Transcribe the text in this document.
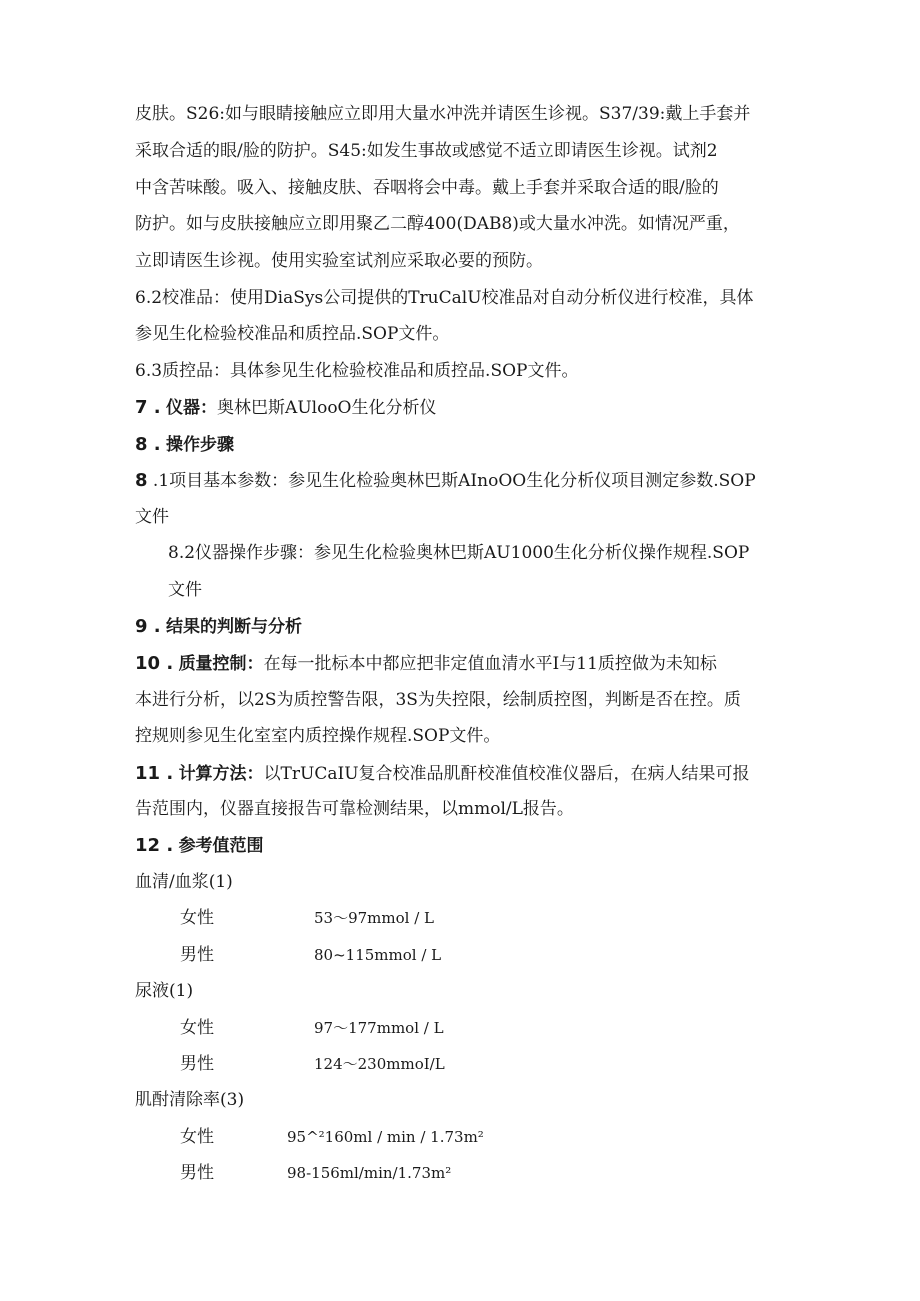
皮肤。S26:如与眼睛接触应立即用大量水冲洗并请医生诊视。S37/39:戴上手套并

采取合适的眼/脸的防护。S45:如发生事故或感觉不适立即请医生诊视。试剂2

中含苦味酸。吸入、接触皮肤、吞咽将会中毒。戴上手套并采取合适的眼/脸的

防护。如与皮肤接触应立即用聚乙二醇400(DAB8)或大量水冲洗。如情况严重，

立即请医生诊视。使用实验室试剂应采取必要的预防。

6.2校准品：使用DiaSys公司提供的TruCalU校准品对自动分析仪进行校准，具体

参见生化检验校准品和质控品.SOP文件。

6.3质控品：具体参见生化检验校准品和质控品.SOP文件。

7 . 仪器：奥林巴斯AUlooO生化分析仪

8 . 操作步骤

8 .1项目基本参数：参见生化检验奥林巴斯AInoOO生化分析仪项目测定参数.SOP

文件

8.2仪器操作步骤：参见生化检验奥林巴斯AU1000生化分析仪操作规程.SOP

文件

9 . 结果的判断与分析

10 . 质量控制：在每一批标本中都应把非定值血清水平Ⅰ与11质控做为未知标

本进行分析，以2S为质控警告限，3S为失控限，绘制质控图，判断是否在控。质

控规则参见生化室室内质控操作规程.SOP文件。

11 . 计算方法：以TrUCaIU复合校准品肌酐校准值校准仪器后，在病人结果可报

告范围内，仪器直接报告可靠检测结果，以mmol/L报告。

12 . 参考值范围

血清/血浆(1)

女性	53～97mmol / L
男性	80~115mmol / L

尿液(1)

女性	97～177mmol / L
男性	124～230mmoI/L

肌酎清除率(3)

女性	95^²160ml / min / 1.73m²
男性	98-156ml/min/1.73m²
